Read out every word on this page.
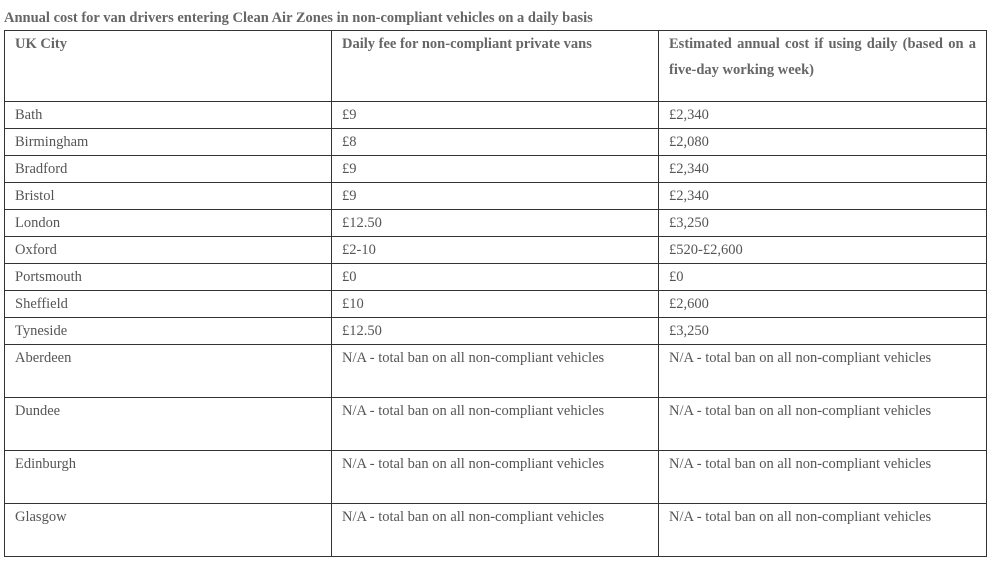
Annual cost for van drivers entering Clean Air Zones in non-compliant vehicles on a daily basis
UK City	Daily fee for non-compliant private vans	Estimated annual cost if using daily (based on a five-day working week)
Bath	£9	£2,340
Birmingham	£8	£2,080
Bradford	£9	£2,340
Bristol	£9	£2,340
London	£12.50	£3,250
Oxford	£2-10	£520-£2,600
Portsmouth	£0	£0
Sheffield	£10	£2,600
Tyneside	£12.50	£3,250
Aberdeen	N/A - total ban on all non-compliant vehicles	N/A - total ban on all non-compliant vehicles
Dundee	N/A - total ban on all non-compliant vehicles	N/A - total ban on all non-compliant vehicles
Edinburgh	N/A - total ban on all non-compliant vehicles	N/A - total ban on all non-compliant vehicles
Glasgow	N/A - total ban on all non-compliant vehicles	N/A - total ban on all non-compliant vehicles
